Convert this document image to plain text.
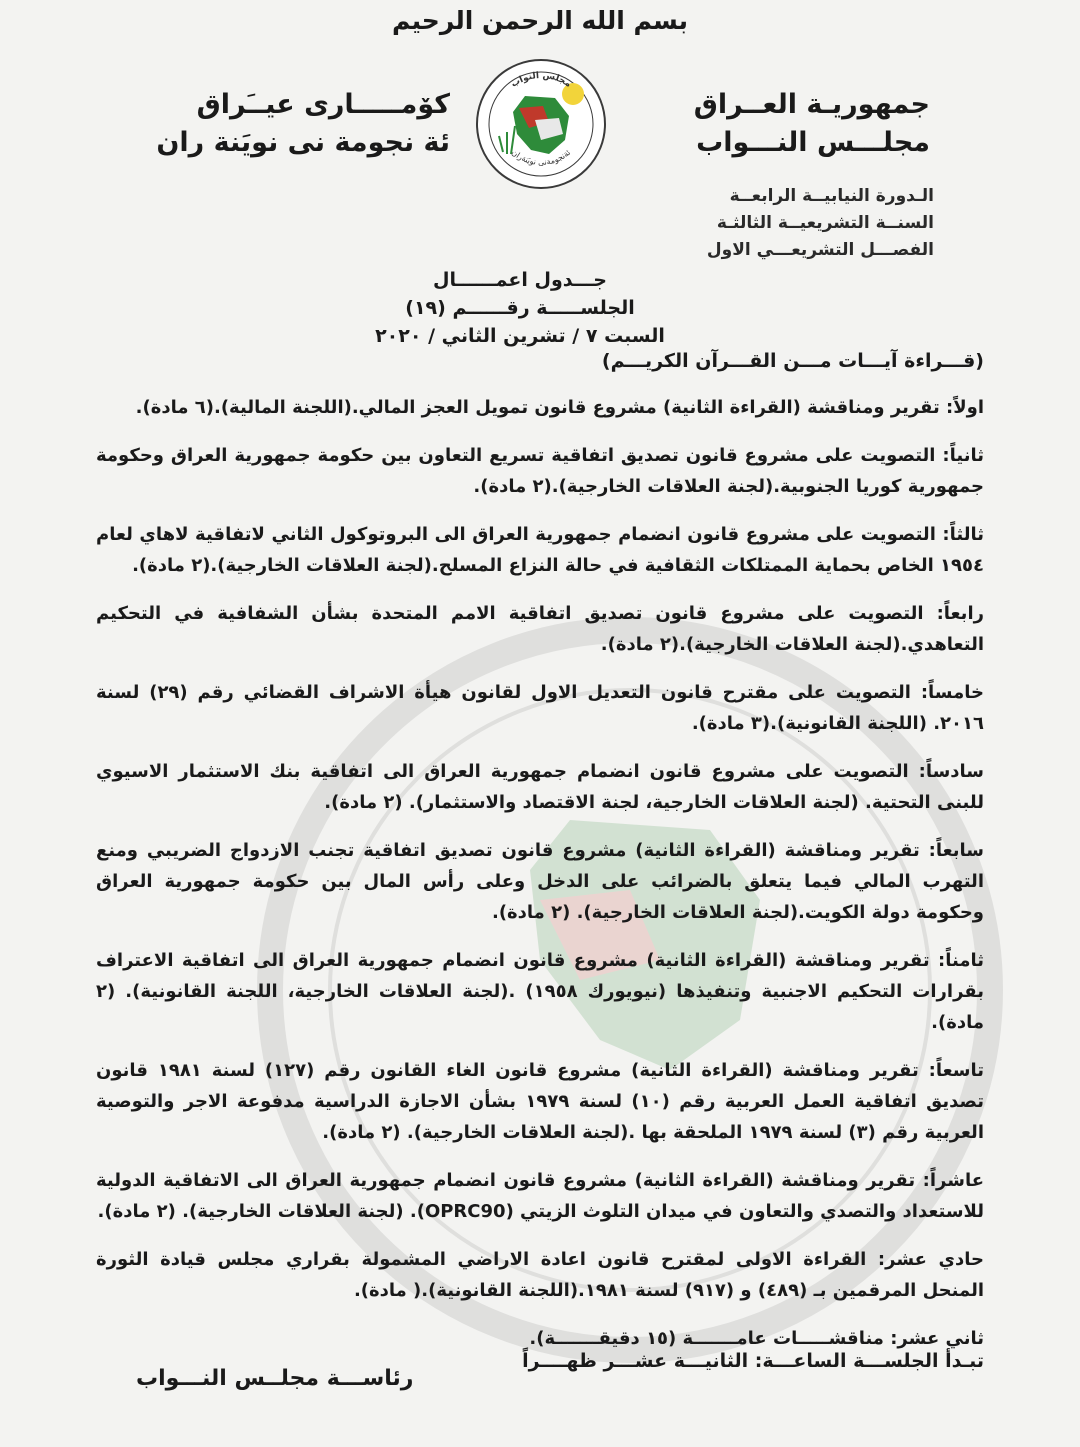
بسم الله الرحمن الرحيم
جمهوريـة العــراق
مجلـــس النـــواب
مجلس النواب
ئةنجومةنى نويَنةران
كۆمـــــارى عيــَراق
ئة نجومة نى نويَنة ران
الـدورة النيابيــة الرابعــة
السنــة التشريعيــة الثالثـة
الفصـــل التشريعـــي الاول
جـــدول اعمــــــال
الجلســـــة رقــــــم (١٩)
السبت ٧ / تشرين الثاني / ٢٠٢٠
(قـــراءة آيـــات مـــن القـــرآن الكريـــم)
اولاً: تقرير ومناقشة (القراءة الثانية) مشروع قانون تمويل العجز المالي.(اللجنة المالية).(٦ مادة).
ثانياً: التصويت على مشروع قانون تصديق اتفاقية تسريع التعاون بين حكومة جمهورية العراق وحكومة جمهورية كوريا الجنوبية.(لجنة العلاقات الخارجية).(٢ مادة).
ثالثاً: التصويت على مشروع قانون انضمام جمهورية العراق الى البروتوكول الثاني لاتفاقية لاهاي لعام ١٩٥٤ الخاص بحماية الممتلكات الثقافية في حالة النزاع المسلح.(لجنة العلاقات الخارجية).(٢ مادة).
رابعاً: التصويت على مشروع قانون تصديق اتفاقية الامم المتحدة بشأن الشفافية في التحكيم التعاهدي.(لجنة العلاقات الخارجية).(٢ مادة).
خامساً: التصويت على مقترح قانون التعديل الاول لقانون هيأة الاشراف القضائي رقم (٢٩) لسنة ٢٠١٦. (اللجنة القانونية).(٣ مادة).
سادساً: التصويت على مشروع قانون انضمام جمهورية العراق الى اتفاقية بنك الاستثمار الاسيوي للبنى التحتية. (لجنة العلاقات الخارجية، لجنة الاقتصاد والاستثمار). (٢ مادة).
سابعاً: تقرير ومناقشة (القراءة الثانية) مشروع قانون تصديق اتفاقية تجنب الازدواج الضريبي ومنع التهرب المالي فيما يتعلق بالضرائب على الدخل وعلى رأس المال بين حكومة جمهورية العراق وحكومة دولة الكويت.(لجنة العلاقات الخارجية). (٢ مادة).
ثامناً: تقرير ومناقشة (القراءة الثانية) مشروع قانون انضمام جمهورية العراق الى اتفاقية الاعتراف بقرارات التحكيم الاجنبية وتنفيذها (نيويورك ١٩٥٨) .(لجنة العلاقات الخارجية، اللجنة القانونية). (٢ مادة).
تاسعاً: تقرير ومناقشة (القراءة الثانية) مشروع قانون الغاء القانون رقم (١٢٧) لسنة ١٩٨١ قانون تصديق اتفاقية العمل العربية رقم (١٠) لسنة ١٩٧٩ بشأن الاجازة الدراسية مدفوعة الاجر والتوصية العربية رقم (٣) لسنة ١٩٧٩ الملحقة بها .(لجنة العلاقات الخارجية). (٢ مادة).
عاشراً: تقرير ومناقشة (القراءة الثانية) مشروع قانون انضمام جمهورية العراق الى الاتفاقية الدولية للاستعداد والتصدي والتعاون في ميدان التلوث الزيتي (OPRC90). (لجنة العلاقات الخارجية). (٢ مادة).
حادي عشر: القراءة الاولى لمقترح قانون اعادة الاراضي المشمولة بقراري مجلس قيادة الثورة المنحل المرقمين بـ (٤٨٩) و (٩١٧) لسنة ١٩٨١.(اللجنة القانونية).( مادة).
ثاني عشر: مناقشـــــات عامـــــــة (١٥ دقيقـــــــة).
تبـدأ الجلســـة الساعـــة: الثانيـــة عشـــر ظهــــراً
رئاســـة مجلــس النـــواب
